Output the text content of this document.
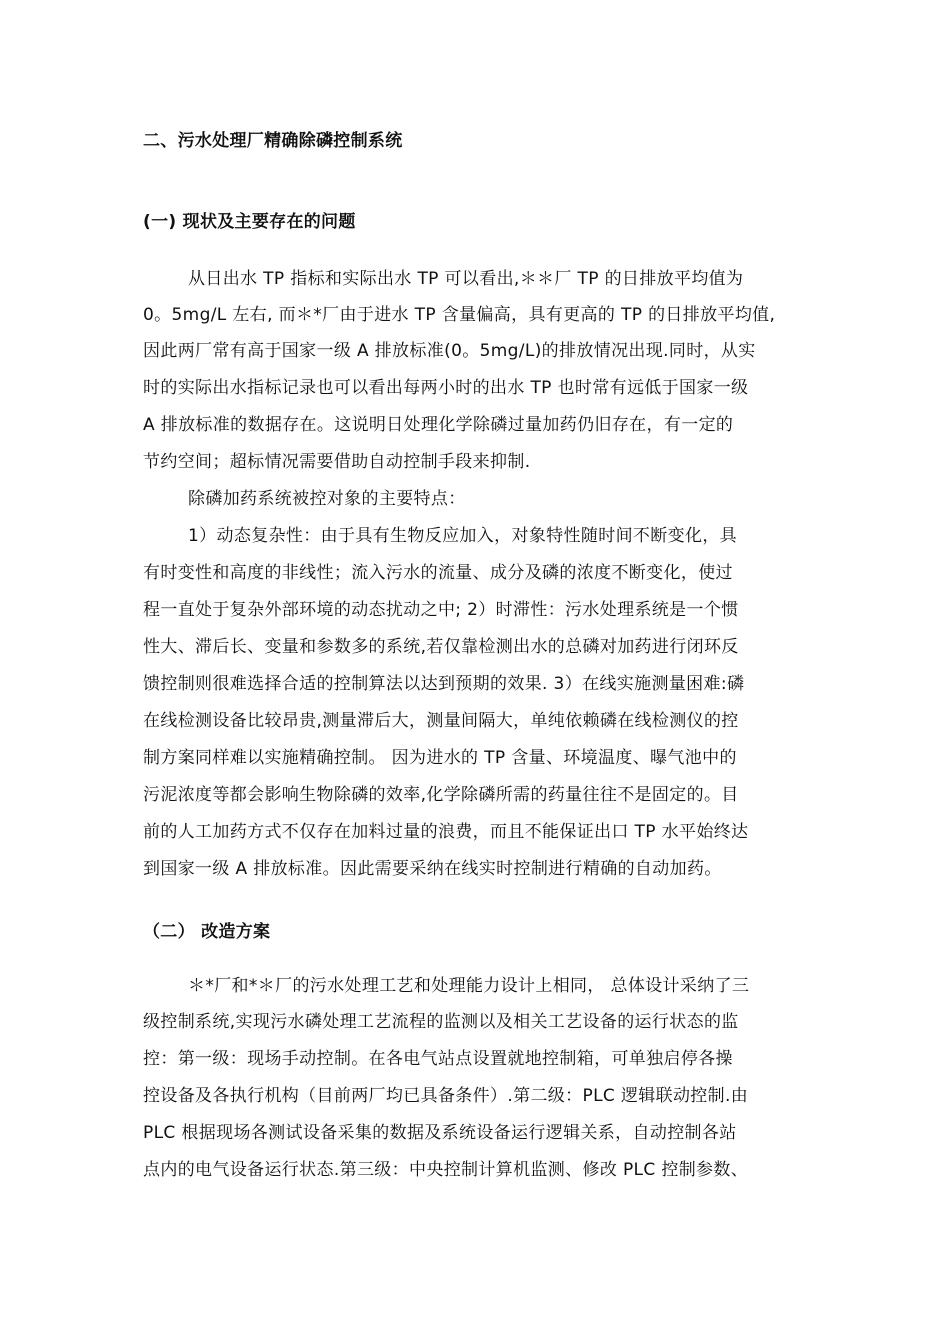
二、污水处理厂精确除磷控制系统
(一) 现状及主要存在的问题
从日出水 TP 指标和实际出水 TP 可以看出,＊＊厂 TP 的日排放平均值为
0。5mg/L 左右, 而＊*厂由于进水 TP 含量偏高，具有更高的 TP 的日排放平均值,
因此两厂常有高于国家一级 A 排放标准(0。5mg/L)的排放情况出现.同时，从实
时的实际出水指标记录也可以看出每两小时的出水 TP 也时常有远低于国家一级
A 排放标准的数据存在。这说明日处理化学除磷过量加药仍旧存在，有一定的
节约空间；超标情况需要借助自动控制手段来抑制.
除磷加药系统被控对象的主要特点：
1）动态复杂性：由于具有生物反应加入，对象特性随时间不断变化，具
有时变性和高度的非线性；流入污水的流量、成分及磷的浓度不断变化，使过
程一直处于复杂外部环境的动态扰动之中; 2）时滞性：污水处理系统是一个惯
性大、滞后长、变量和参数多的系统,若仅靠检测出水的总磷对加药进行闭环反
馈控制则很难选择合适的控制算法以达到预期的效果. 3）在线实施测量困难:磷
在线检测设备比较昂贵,测量滞后大，测量间隔大，单纯依赖磷在线检测仪的控
制方案同样难以实施精确控制。 因为进水的 TP 含量、环境温度、曝气池中的
污泥浓度等都会影响生物除磷的效率,化学除磷所需的药量往往不是固定的。目
前的人工加药方式不仅存在加料过量的浪费，而且不能保证出口 TP 水平始终达
到国家一级 A 排放标准。因此需要采纳在线实时控制进行精确的自动加药。
（二） 改造方案
＊*厂和*＊厂的污水处理工艺和处理能力设计上相同， 总体设计采纳了三
级控制系统,实现污水磷处理工艺流程的监测以及相关工艺设备的运行状态的监
控：第一级：现场手动控制。在各电气站点设置就地控制箱，可单独启停各操
控设备及各执行机构（目前两厂均已具备条件）.第二级：PLC 逻辑联动控制.由
PLC 根据现场各测试设备采集的数据及系统设备运行逻辑关系，自动控制各站
点内的电气设备运行状态.第三级：中央控制计算机监测、修改 PLC 控制参数、
